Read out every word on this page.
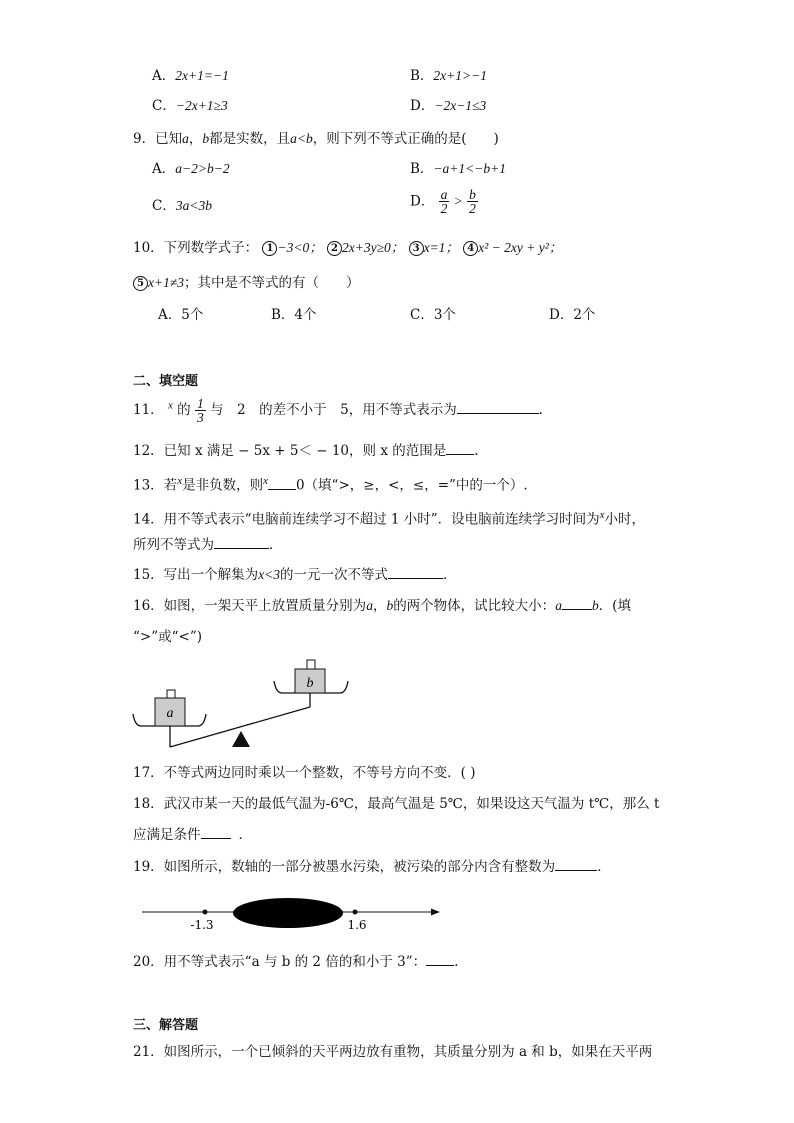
A．2x+1=−1	B．2x+1>−1
C．−2x+1≥3	D．−2x−1≤3
9．已知a，b都是实数，且a<b，则下列不等式正确的是(　　)
A．a−2>b−2	B．−a+1<−b+1
C．3a<3b	D． $\frac{a}{2} > \frac{b}{2}$
10．下列数学式子： 1 −3<0； 2 2x+3y≥0； 3 x=1； 4 x² − 2xy + y²；
5 x+1≠3；其中是不等式的有（　　）
A．5个	B．4个	C．3个	D．2个
二、填空题
11． $^x$ 的 $\frac{1}{3}$ 与　2　的差不小于　5，用不等式表示为	．
12．已知 x 满足 − 5x + 5＜ − 10，则 x 的范围是 .
13．若$^x$是非负数，则$^x$ 0（填“>，≥，<，≤，=”中的一个）.
14．用不等式表示“电脑前连续学习不超过 1 小时”．设电脑前连续学习时间为$^x$小时，
所列不等式为	．
15．写出一个解集为x<3的一元一次不等式	．
16．如图，一架天平上放置质量分别为a，b的两个物体，试比较大小：a b．(填
“>”或“<”)
b
a
17．不等式两边同时乘以一个整数，不等号方向不变．( )
18．武汉市某一天的最低气温为-6℃，最高气温是 5℃，如果设这天气温为 t℃，那么 t
应满足条件	．
19．如图所示，数轴的一部分被墨水污染，被污染的部分内含有整数为	．
-1.3	1.6
20．用不等式表示“a 与 b 的 2 倍的和小于 3”： .
三、解答题
21．如图所示，一个已倾斜的天平两边放有重物，其质量分别为 a 和 b，如果在天平两
